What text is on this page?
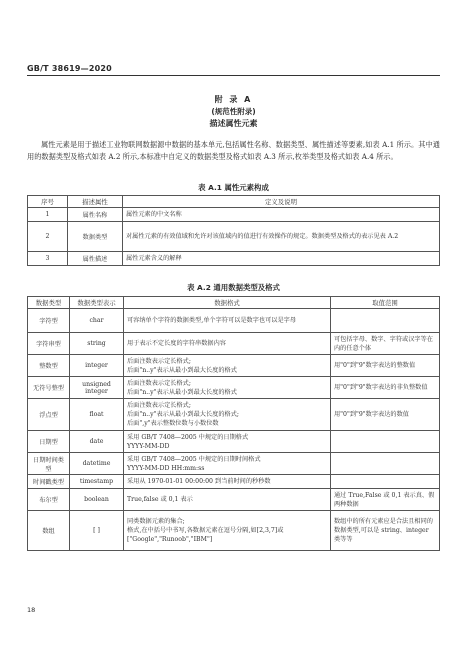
GB/T 38619—2020
附 录 A
(规范性附录)
描述属性元素
属性元素是用于描述工业物联网数据源中数据的基本单元,包括属性名称、数据类型、属性描述等要素,如表 A.1 所示。其中通用的数据类型及格式如表 A.2 所示,本标准中自定义的数据类型及格式如表 A.3 所示,枚举类型及格式如表 A.4 所示。
表 A.1 属性元素构成
序号	描述属性	定义及说明
1	属性名称	属性元素的中文名称
2	数据类型	对属性元素的有效值域和允许对该值域内的值进行有效操作的规定。数据类型及格式的表示见表 A.2
3	属性描述	属性元素含义的解释
表 A.2 通用数据类型及格式
数据类型	数据类型表示	数据格式	取值范围
字符型	char	可容纳单个字符的数据类型,单个字符可以是数字也可以是字母	
字符串型	string	用于表示不定长度的字符串数据内容	可包括字母、数字、字符或汉字等在内的任意个体
整数型	integer	后面注数表示定长格式;
后面"n..y"表示从最小到最大长度的格式	用"0"到"9"数字表达的整数值
无符号整型	unsigned integer	后面注数表示定长格式;
后面"n..y"表示从最小到最大长度的格式	用"0"到"9"数字表达的非负整数值
浮点型	float	后面注数表示定长格式;
后面"n..y"表示从最小到最大长度的格式;
后面",y"表示整数位数与小数位数	用"0"到"9"数字表达的数值
日期型	date	采用 GB/T 7408—2005 中规定的日期格式
YYYY-MM-DD	
日期时间类型	datetime	采用 GB/T 7408—2005 中规定的日期时间格式
YYYY-MM-DD HH:mm:ss	
时间戳类型	timestamp	采用从 1970-01-01 00:00:00 到当前时间的秒秒数	
布尔型	boolean	True,false 或 0,1 表示	通过 True,False 或 0,1 表示真、假两种数据
数组	[ ]	同类数据元素的集合;
格式,在中括号中书写,各数据元素在逗号分隔,如[2,3,7]或["Google","Runoob","IBM"]	数组中的所有元素应是合法且相同的数据类型,可以是 string、integer 类等等
18
